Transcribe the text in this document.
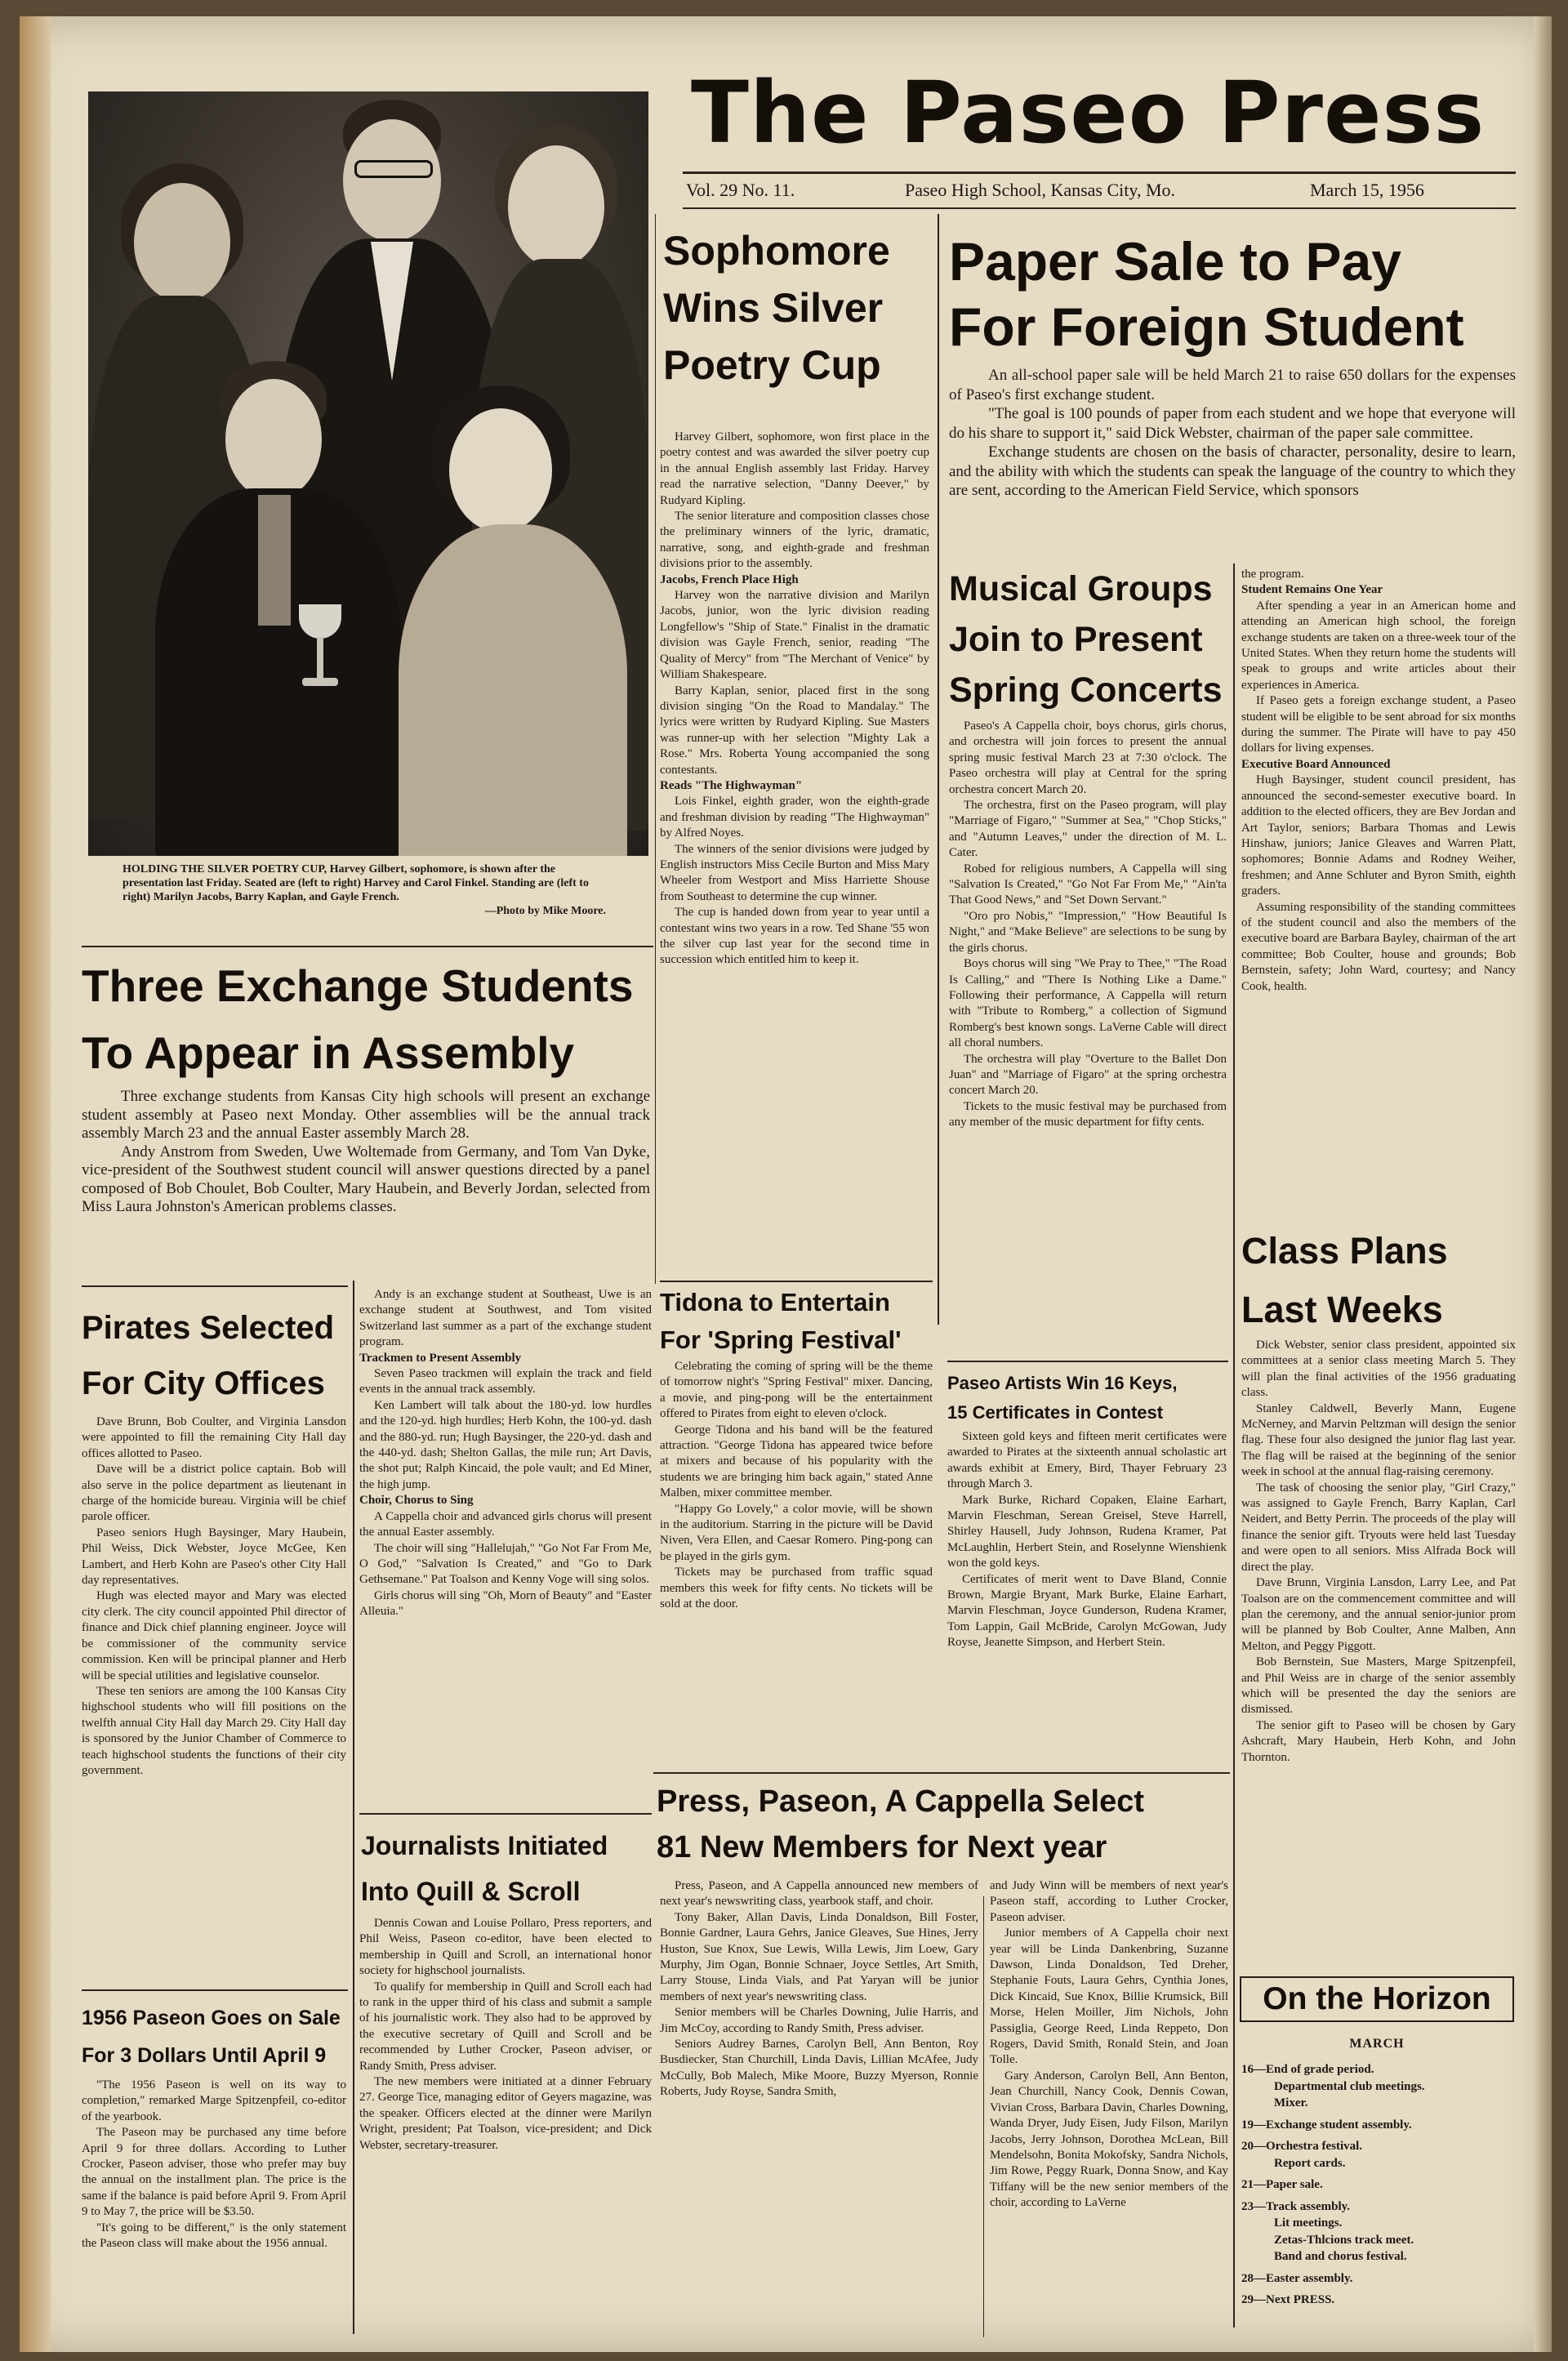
HOLDING THE SILVER POETRY CUP, Harvey Gilbert, sophomore, is shown after the presentation last Friday. Seated are (left to right) Harvey and Carol Finkel. Standing are (left to right) Marilyn Jacobs, Barry Kaplan, and Gayle French.
—Photo by Mike Moore.
The Paseo Press
Vol. 29 No. 11.	Paseo High School, Kansas City, Mo.	March 15, 1956
Sophomore
Wins Silver
Poetry Cup

Harvey Gilbert, sophomore, won first place in the poetry contest and was awarded the silver poetry cup in the annual English assembly last Friday. Harvey read the narrative selection, "Danny Deever," by Rudyard Kipling.

The senior literature and composition classes chose the preliminary winners of the lyric, dramatic, narrative, song, and eighth-grade and freshman divisions prior to the assembly.

Jacobs, French Place High

Harvey won the narrative division and Marilyn Jacobs, junior, won the lyric division reading Longfellow's "Ship of State." Finalist in the dramatic division was Gayle French, senior, reading "The Quality of Mercy" from "The Merchant of Venice" by William Shakespeare.

Barry Kaplan, senior, placed first in the song division singing "On the Road to Mandalay." The lyrics were written by Rudyard Kipling. Sue Masters was runner-up with her selection "Mighty Lak a Rose." Mrs. Roberta Young accompanied the song contestants.

Reads "The Highwayman"

Lois Finkel, eighth grader, won the eighth-grade and freshman division by reading "The Highwayman" by Alfred Noyes.

The winners of the senior divisions were judged by English instructors Miss Cecile Burton and Miss Mary Wheeler from Westport and Miss Harriette Shouse from Southeast to determine the cup winner.

The cup is handed down from year to year until a contestant wins two years in a row. Ted Shane '55 won the silver cup last year for the second time in succession which entitled him to keep it.

Paper Sale to Pay
For Foreign Student

An all-school paper sale will be held March 21 to raise 650 dollars for the expenses of Paseo's first exchange student.

"The goal is 100 pounds of paper from each student and we hope that everyone will do his share to support it," said Dick Webster, chairman of the paper sale committee.

Exchange students are chosen on the basis of character, personality, desire to learn, and the ability with which the students can speak the language of the country to which they are sent, according to the American Field Service, which sponsors

the program.

Student Remains One Year

After spending a year in an American home and attending an American high school, the foreign exchange students are taken on a three-week tour of the United States. When they return home the students will speak to groups and write articles about their experiences in America.

If Paseo gets a foreign exchange student, a Paseo student will be eligible to be sent abroad for six months during the summer. The Pirate will have to pay 450 dollars for living expenses.

Executive Board Announced

Hugh Baysinger, student council president, has announced the second-semester executive board. In addition to the elected officers, they are Bev Jordan and Art Taylor, seniors; Barbara Thomas and Lewis Hinshaw, juniors; Janice Gleaves and Warren Platt, sophomores; Bonnie Adams and Rodney Weiher, freshmen; and Anne Schluter and Byron Smith, eighth graders.

Assuming responsibility of the standing committees of the student council and also the members of the executive board are Barbara Bayley, chairman of the art committee; Bob Coulter, house and grounds; Bob Bernstein, safety; John Ward, courtesy; and Nancy Cook, health.

Musical Groups
Join to Present
Spring Concerts

Paseo's A Cappella choir, boys chorus, girls chorus, and orchestra will join forces to present the annual spring music festival March 23 at 7:30 o'clock. The Paseo orchestra will play at Central for the spring orchestra concert March 20.

The orchestra, first on the Paseo program, will play "Marriage of Figaro," "Summer at Sea," "Chop Sticks," and "Autumn Leaves," under the direction of M. L. Cater.

Robed for religious numbers, A Cappella will sing "Salvation Is Created," "Go Not Far From Me," "Ain'ta That Good News," and "Set Down Servant."

"Oro pro Nobis," "Impression," "How Beautiful Is Night," and "Make Believe" are selections to be sung by the girls chorus.

Boys chorus will sing "We Pray to Thee," "The Road Is Calling," and "There Is Nothing Like a Dame." Following their performance, A Cappella will return with "Tribute to Romberg," a collection of Sigmund Romberg's best known songs. LaVerne Cable will direct all choral numbers.

The orchestra will play "Overture to the Ballet Don Juan" and "Marriage of Figaro" at the spring orchestra concert March 20.

Tickets to the music festival may be purchased from any member of the music department for fifty cents.

Three Exchange Students
To Appear in Assembly

Three exchange students from Kansas City high schools will present an exchange student assembly at Paseo next Monday. Other assemblies will be the annual track assembly March 23 and the annual Easter assembly March 28.

Andy Anstrom from Sweden, Uwe Woltemade from Germany, and Tom Van Dyke, vice-president of the Southwest student council will answer questions directed by a panel composed of Bob Choulet, Bob Coulter, Mary Haubein, and Beverly Jordan, selected from Miss Laura Johnston's American problems classes.

Andy is an exchange student at Southeast, Uwe is an exchange student at Southwest, and Tom visited Switzerland last summer as a part of the exchange student program.

Trackmen to Present Assembly

Seven Paseo trackmen will explain the track and field events in the annual track assembly.

Ken Lambert will talk about the 180-yd. low hurdles and the 120-yd. high hurdles; Herb Kohn, the 100-yd. dash and the 880-yd. run; Hugh Baysinger, the 220-yd. dash and the 440-yd. dash; Shelton Gallas, the mile run; Art Davis, the shot put; Ralph Kincaid, the pole vault; and Ed Miner, the high jump.

Choir, Chorus to Sing

A Cappella choir and advanced girls chorus will present the annual Easter assembly.

The choir will sing "Hallelujah," "Go Not Far From Me, O God," "Salvation Is Created," and "Go to Dark Gethsemane." Pat Toalson and Kenny Voge will sing solos.

Girls chorus will sing "Oh, Morn of Beauty" and "Easter Alleuia."

Pirates Selected
For City Offices

Dave Brunn, Bob Coulter, and Virginia Lansdon were appointed to fill the remaining City Hall day offices allotted to Paseo.

Dave will be a district police captain. Bob will also serve in the police department as lieutenant in charge of the homicide bureau. Virginia will be chief parole officer.

Paseo seniors Hugh Baysinger, Mary Haubein, Phil Weiss, Dick Webster, Joyce McGee, Ken Lambert, and Herb Kohn are Paseo's other City Hall day representatives.

Hugh was elected mayor and Mary was elected city clerk. The city council appointed Phil director of finance and Dick chief planning engineer. Joyce will be commissioner of the community service commission. Ken will be principal planner and Herb will be special utilities and legislative counselor.

These ten seniors are among the 100 Kansas City highschool students who will fill positions on the twelfth annual City Hall day March 29. City Hall day is sponsored by the Junior Chamber of Commerce to teach highschool students the functions of their city government.

1956 Paseon Goes on Sale
For 3 Dollars Until April 9

"The 1956 Paseon is well on its way to completion," remarked Marge Spitzenpfeil, co-editor of the yearbook.

The Paseon may be purchased any time before April 9 for three dollars. According to Luther Crocker, Paseon adviser, those who prefer may buy the annual on the installment plan. The price is the same if the balance is paid before April 9. From April 9 to May 7, the price will be $3.50.

"It's going to be different," is the only statement the Paseon class will make about the 1956 annual.

Journalists Initiated
Into Quill & Scroll

Dennis Cowan and Louise Pollaro, Press reporters, and Phil Weiss, Paseon co-editor, have been elected to membership in Quill and Scroll, an international honor society for highschool journalists.

To qualify for membership in Quill and Scroll each had to rank in the upper third of his class and submit a sample of his journalistic work. They also had to be approved by the executive secretary of Quill and Scroll and be recommended by Luther Crocker, Paseon adviser, or Randy Smith, Press adviser.

The new members were initiated at a dinner February 27. George Tice, managing editor of Geyers magazine, was the speaker. Officers elected at the dinner were Marilyn Wright, president; Pat Toalson, vice-president; and Dick Webster, secretary-treasurer.

Tidona to Entertain
For 'Spring Festival'

Celebrating the coming of spring will be the theme of tomorrow night's "Spring Festival" mixer. Dancing, a movie, and ping-pong will be the entertainment offered to Pirates from eight to eleven o'clock.

George Tidona and his band will be the featured attraction. "George Tidona has appeared twice before at mixers and because of his popularity with the students we are bringing him back again," stated Anne Malben, mixer committee member.

"Happy Go Lovely," a color movie, will be shown in the auditorium. Starring in the picture will be David Niven, Vera Ellen, and Caesar Romero. Ping-pong can be played in the girls gym.

Tickets may be purchased from traffic squad members this week for fifty cents. No tickets will be sold at the door.

Paseo Artists Win 16 Keys,
15 Certificates in Contest

Sixteen gold keys and fifteen merit certificates were awarded to Pirates at the sixteenth annual scholastic art awards exhibit at Emery, Bird, Thayer February 23 through March 3.

Mark Burke, Richard Copaken, Elaine Earhart, Marvin Fleschman, Serean Greisel, Steve Harrell, Shirley Hausell, Judy Johnson, Rudena Kramer, Pat McLaughlin, Herbert Stein, and Roselynne Wienshienk won the gold keys.

Certificates of merit went to Dave Bland, Connie Brown, Margie Bryant, Mark Burke, Elaine Earhart, Marvin Fleschman, Joyce Gunderson, Rudena Kramer, Tom Lappin, Gail McBride, Carolyn McGowan, Judy Royse, Jeanette Simpson, and Herbert Stein.

Class Plans
Last Weeks

Dick Webster, senior class president, appointed six committees at a senior class meeting March 5. They will plan the final activities of the 1956 graduating class.

Stanley Caldwell, Beverly Mann, Eugene McNerney, and Marvin Peltzman will design the senior flag. These four also designed the junior flag last year. The flag will be raised at the beginning of the senior week in school at the annual flag-raising ceremony.

The task of choosing the senior play, "Girl Crazy," was assigned to Gayle French, Barry Kaplan, Carl Neidert, and Betty Perrin. The proceeds of the play will finance the senior gift. Tryouts were held last Tuesday and were open to all seniors. Miss Alfrada Bock will direct the play.

Dave Brunn, Virginia Lansdon, Larry Lee, and Pat Toalson are on the commencement committee and will plan the ceremony, and the annual senior-junior prom will be planned by Bob Coulter, Anne Malben, Ann Melton, and Peggy Piggott.

Bob Bernstein, Sue Masters, Marge Spitzenpfeil, and Phil Weiss are in charge of the senior assembly which will be presented the day the seniors are dismissed.

The senior gift to Paseo will be chosen by Gary Ashcraft, Mary Haubein, Herb Kohn, and John Thornton.

Press, Paseon, A Cappella Select
81 New Members for Next year

Press, Paseon, and A Cappella announced new members of next year's newswriting class, yearbook staff, and choir.

Tony Baker, Allan Davis, Linda Donaldson, Bill Foster, Bonnie Gardner, Laura Gehrs, Janice Gleaves, Sue Hines, Jerry Huston, Sue Knox, Sue Lewis, Willa Lewis, Jim Loew, Gary Murphy, Jim Ogan, Bonnie Schnaer, Joyce Settles, Art Smith, Larry Stouse, Linda Vials, and Pat Yaryan will be junior members of next year's newswriting class.

Senior members will be Charles Downing, Julie Harris, and Jim McCoy, according to Randy Smith, Press adviser.

Seniors Audrey Barnes, Carolyn Bell, Ann Benton, Roy Busdiecker, Stan Churchill, Linda Davis, Lillian McAfee, Judy McCully, Bob Malech, Mike Moore, Buzzy Myerson, Ronnie Roberts, Judy Royse, Sandra Smith,

and Judy Winn will be members of next year's Paseon staff, according to Luther Crocker, Paseon adviser.

Junior members of A Cappella choir next year will be Linda Dankenbring, Suzanne Dawson, Linda Donaldson, Ted Dreher, Stephanie Fouts, Laura Gehrs, Cynthia Jones, Dick Kincaid, Sue Knox, Billie Krumsick, Bill Morse, Helen Moiller, Jim Nichols, John Passiglia, George Reed, Linda Reppeto, Don Rogers, David Smith, Ronald Stein, and Joan Tolle.

Gary Anderson, Carolyn Bell, Ann Benton, Jean Churchill, Nancy Cook, Dennis Cowan, Vivian Cross, Barbara Davin, Charles Downing, Wanda Dryer, Judy Eisen, Judy Filson, Marilyn Jacobs, Jerry Johnson, Dorothea McLean, Bill Mendelsohn, Bonita Mokofsky, Sandra Nichols, Jim Rowe, Peggy Ruark, Donna Snow, and Kay Tiffany will be the new senior members of the choir, according to LaVerne

On the Horizon
MARCH
16—End of grade period.
Departmental club meetings.
Mixer.
19—Exchange student assembly.
20—Orchestra festival.
Report cards.
21—Paper sale.
23—Track assembly.
Lit meetings.
Zetas-Thlcions track meet.
Band and chorus festival.
28—Easter assembly.
29—Next PRESS.
